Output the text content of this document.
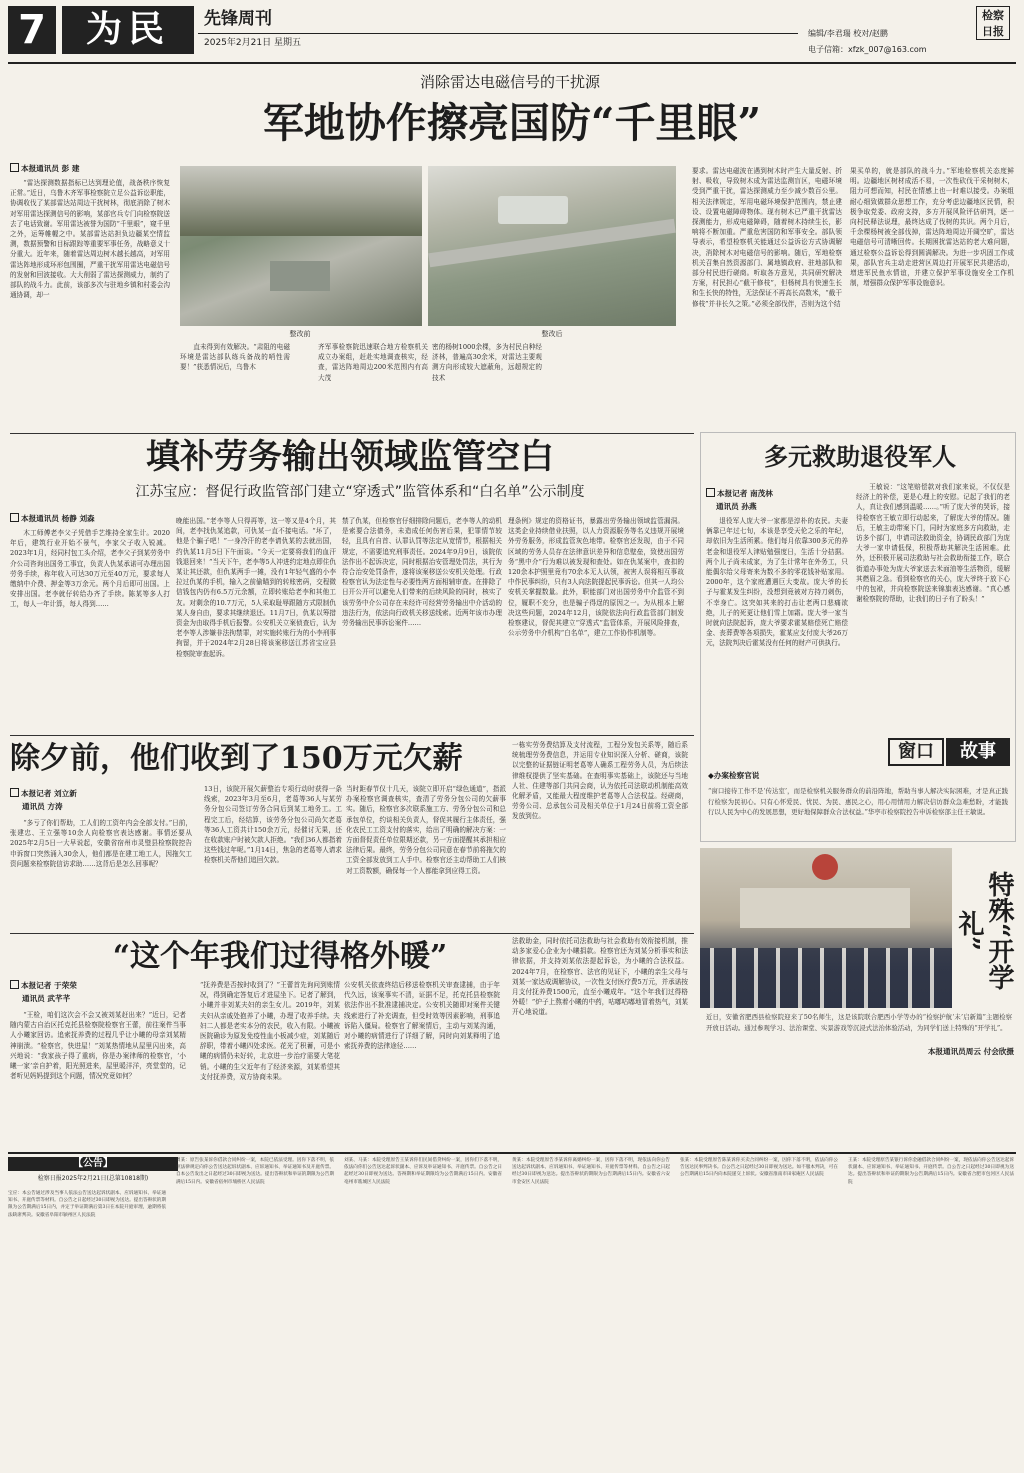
7	为民	先锋周刊
2025年2月21日 星期五
编辑/李君瑞 校对/赵鹏
电子信箱：xfzk_007@163.com
检察日报
消除雷达电磁信号的干扰源
军地协作擦亮国防“千里眼”
本报通讯员 彭 建
“雷达探测数据指标已达到理论值，战备秩序恢复正常。”近日，乌鲁木齐军事检察院立足公益诉讼职能，协调收伐了某部雷达站周边干扰树林，彻底消除了树木对军用雷达探测信号的影响，某部官兵专门向检察院送去了电话致谢。军用雷达被誉为国防“千里眼”，窥千里之外，运筹帷幄之中。某部雷达站担负边疆某空情监测，数据预警和目标跟踪等重要军事任务，战略意义十分重大。近年来，随着雷达周边树木越长越高，对军用雷达阵地形成环形包围圈，严重干扰军用雷达电磁信号的发射和回波接收。大大削弱了雷达探测威力，制约了部队的战斗力。此前，该部多次与驻地乡镇和村委会沟通协调，却一
整改前	整改后
直未得到有效解决。“肃阻的电磁环境是雷达部队练兵备战的哨性需要！”获悉情况后，乌鲁木
齐军事检察院迅速联合地方检察机关成立办案组，赶赴实地调查核实，经查，雷达阵地周边200米范围内有高大茂
密的杨树1000余棵，多为村民自种经济林，普遍高30余米，对雷达主要观测方向形成较大遮蔽角，远超规定的技术
要求。雷达电磁波在遇到树木时产生大量反射、折射、吸收，导致树木成为雷达监测盲区，电磁环境受到严重干扰，雷达探测威力至少减少数百公里。相关法律规定，军用电磁环境保护范围内，禁止建设、设置电磁障碍物体。现有树木已严重干扰雷达探测能力，形成电磁障碍，随着树木持续生长，影响将不断加重。严重危害国防和军事安全。部队领导表示，希望检察机关能通过公益诉讼方式协调解决，消除树木对电磁信号的影响。随后，军地检察机关召集自然资源部门、属地镇政府、驻地部队和部分村民进行磋商。听取各方意见，共同研究解决方案，村民担心“截干修枝”，但杨树具有快速生长和生长快的特性，无法保证不再高长高数米，“截干修枝”并非长久之策。”必须全部伐伴，否则为这个结
果买单的，就是部队的战斗力。”军地检察机关态度鲜明。边疆地区树材成活不易，一次性砍伐干采树树木，阻力可想而知，村民在情感上也一时难以接受。办案组耐心细致做群众思想工作，充分考虑边疆地区民情，积极争取党委、政府支持，多方开展风险评估研判，逐一向村民释法说理，最终达成了伐树的共识。两个月后，千余棵杨树被全部伐掉，雷达阵地周边开阔空旷，雷达电磁信号可清晰回传。长期困扰雷达站的老大难问题，通过检察公益诉讼得到圆满解决。为进一步巩固工作成果，部队官兵主动走进营区周边打开展军民共建活动，增进军民鱼水情谊，并建立保护军事设施安全工作机制，增强群众保护军事设施意识。
填补劳务输出领域监管空白
江苏宝应：督促行政监管部门建立“穿透式”监管体系和“白名单”公示制度
本报通讯员 杨静 刘森
木工师傅老李父子凭借手艺维持全家生计。2020年后，建筑行业开始不景气，李家父子收入锐减。2023年1月，经同村包工头介绍，老李父子到某劳务中介公司咨询出国务工事宜，负责人仇某承诺可办理出国劳务手续，称年收入可达30万元至40万元，要求每人缴纳中介费、押金等3万余元。两个月后即可出国。上安排出国。老李就仔转给办齐了手续。陈某等多人打工，每人一年计算，每人得到……
晚能出国。”老李等人只得再等，这一等又是4个月，其间，老李找仇某追款，可仇某一直不接电话。“坏了，他是个骗子吧！”一身冷汗的老李请仇某的去就出国，约仇某11月5日下午面谈。“今天一定要将我们的血汗钱退回来！”当天下午，老李等5人冲进约定地点即住仇某让其还款，但仇某两手一摊，没有1年轻气盛的小李拉过仇某的手机，输入之前偷瞄到的转账密码，交程微信钱包内仍有6.5万元余额，立即转账给老李和其他工友。对剩余的10.7万元，5人采取耻辱跟随方式限制仇某人身自由，要求其继续退还。11月7日，仇某以筹措资金为由取得手机后报警。公安机关立案侦查后，认为老李等人涉嫌非法拘禁罪，对实施转账行为的小李刑事拘留，并于2024年2月28日将该案移送江苏省宝应县检察院审查起诉。
禁了仇某，但检察官仔细排除问题后，老李等人的动机是索要合法债务，未造成任何伤害后果，犯罪情节较轻，且具有自首、认罪认罚等法定从宽情节，根据相关规定，不需要追究刑事责任。2024年9月9日，该院依法作出不起诉决定，同时根据治安管理处罚法，其行为符合治安处罚条件，遂将该案移送公安机关处理。行政检察官认为法定性与必要性两方面相辅审查。在排除了日开公开可以避免人们带来的后续风险的同时，核实了该劳务中介公司存在未经许可经营劳务输出中介活动的违法行为，依法向行政机关移送线索。近两年该市办理劳务输出民事诉讼案件……
理条例》规定的资格证书，暴露出劳务输出领域监管漏洞。这类企业持续借业扶照，以人力资源服务等名义违规开展境外劳务服务，形成监管灰色地带。检察官还发现，由于不同区域的劳务人员存在法律意识差异和信息壁垒，致使出国劳务“黑中介”行为难以被发现和查处。如在仇某案中，查扣的120余本护照里竟有70余本无人认领，被害人误将相互事故中作民事纠纷，只有3人向法院提起民事诉讼。但其一人均公安机关掌握数量。此外，职能部门对出国劳务中介监管不到位，履职不充分，也是骗子得逞的原因之一。为从根本上解决这些问题，2024年12月，该院依法向行政监管部门制发检察建议，督促其建立“穿透式”监管体系，开展风险排查，公示劳务中介机构“白名单”，建立工作协作机制等。
多元救助退役军人
本报记者 南茂林
通讯员 孙燕
退役军人庞大爷一家都是淳朴的农民。夫妻俩靠已年过七旬，本该是享受天伦之乐的年纪，却依旧为生活所累。他们每月依靠300多元的养老金和退役军人津贴勉强度日，生活十分拮据。两个儿子尚未成家，为了生计常年在外务工，只能偶尔给父母寄来为数不多的零花钱补贴家用。2000年，这个家庭遭遇巨大变故。庞大爷的长子与霍某发生纠纷，没想到竟被对方持刀刺伤，不幸身亡。这突如其来的打击让老两口悲痛欲绝，儿子的死更让他们雪上加霜。庞大爷一家当时就向法院起诉，庞大爷要求霍某赔偿死亡赔偿金、丧葬费等各项损失，霍某应支付庞大爷26万元，法院判决后霍某没有任何的财产可供执行。
王敏说：“这笔赔偿款对我们家来说，不仅仅是经济上的补偿，更是心理上的安慰。记起了我们的老人，真让我们感到温暖……。”听了庞大爷的哭诉，接待检察官王敏立即行动起来，了解庞大爷的情况。随后，王敏主动带案下门，同时为家庭多方向救助，走访多个部门，申请司法救助资金，协调民政部门为庞大爷一家申请低保，积极帮助其解决生活困难。此外，还积极开展司法救助与社会救助衔接工作，联合街道办事处为庞大爷家送去米面油等生活物资，缓解其燃眉之急。看到检察官的关心，庞大爷终于放下心中的包袱，并向检察院送来锦旗表达感谢。“真心感谢检察院的帮助，让我们的日子有了盼头！”
窗口	故事
◆办案检察官说
“窗口接待工作不是‘传达室’，而是检察机关服务群众的前沿阵地，帮助当事人解决实际困难，才是真正践行检察为民初心。只有心怀爱民、忧民、为民、惠民之心，用心用情用力解决信访群众急难愁盼，才能践行以人民为中心的发展思想，更好地保障群众合法权益。”华亭市检察院控告申诉检察部主任王敏说。
除夕前，他们收到了150万元欠薪
本报记者 刘立新
通讯员 方涛
“多亏了你们帮助，工人们的工资年内会全部支付。”日前，张建忠、王立强等10余人向检察官表达感谢。事情还要从2025年2月5日一大早说起，安徽省宿州市灵璧县检察院控告申诉窗口突然涌入30余人，他们都是在建工地工人，因拖欠工资问题来检察院信访求助……这背后是怎么回事呢？
13日，该院开展欠薪整治专项行动时获得一条线索，2023年3月至6月，老葛等36人与某劳务分包公司签订劳务合同后到某工地务工。工程完工后，经结算，该劳务分包公司尚欠老葛等36人工资共计150余万元，经催讨无果，还在收款账户时被欠款人拒绝。“我们36人都指着这些钱过年呢。”1月14日，焦急的老葛等人请求检察机关帮他们追回欠款。
当时距春节仅十几天，该院立即开启“绿色通道”，指派办案检察官调查核实，查清了劳务分包公司的欠薪事实。随后，检察官多次联系施工方、劳务分包公司和总承包单位，约谈相关负责人，督促其履行主体责任，强化农民工工资支付的落实，给出了明确的解决方案：一方面督促责任单位限期还款，另一方面提醒其承担相应法律后果。最终，劳务分包公司同意在春节前将拖欠的工资全部发放到工人手中。检察官还主动帮助工人们核对工资数额，确保每一个人都能拿到应得工资。
一栋实劳务费结算及支付流程，工程分发包关系等，随后系统梳理劳务费信息，并运用专业知识深入分析、磋商，该院以完整的证据链证明老葛等人确系工程劳务人员，为后续法律维权提供了坚实基础。在查明事实基础上，该院还与当地人社、住建等部门共同会商，认为依托司法联动机制能高效化解矛盾，又能最大程度维护老葛等人合法权益。经磋商，劳务公司、总承包公司及相关单位于1月24日前将工资全部发放到位。
“这个年我们过得格外暖”
本报记者 于荣荣
通讯员 武芊芊
“王检，咱们这次会不会又被刘某赶出来？”近日，记者随内蒙古自治区托克托县检察院检察官王蕾，前往案件当事人小曦家回访。追索抚养费的过程几乎让小曦的母亲刘某精神崩溃。“检察官，快进屋！”刘某热情地从屋里闪出来，高兴地说：“我家孩子得了重病，你是办案律师的检察官，‘小曦一家’亲自护着，阳光照进来，屋里暖洋洋，亮堂堂的，记者听见妈妈提到这个问题，情况究竟如何？
“抚养费是否按时收到了？”王蕾首先询问到账情况，得到确定答复后才进屋坐下。记者了解到，小曦并非刘某夫妇的亲生女儿。2019年，刘某夫妇从亲戚处抱养了小曦，办理了收养手续。夫妇二人都是老实本分的农民，收入有限。小曦被医院确诊为原发免疫性血小板减少症，刘某随后辞职，带着小曦四处求医。花光了积蓄，可是小曦的病情仍未好转，北京进一步治疗需要大笔花销。小曦的生父近年有了经济来源，刘某希望其支付抚养费，双方协商未果。
公安机关依查终结后移送检察机关审查逮捕，由于年代久远，该案事实不清，证据不足，托克托县检察院依法作出不批准逮捕决定。公安机关随即对案件关键线索进行了补充调查，但受时效等因素影响，刑事追诉陷入僵局。检察官了解案情后，主动与刘某沟通，对小曦的病情进行了详细了解，同时向刘某释明了追索抚养费的法律途径……
法救助金，同时依托司法救助与社会救助有效衔接机制，推动多家爱心企业为小曦捐款。检察官还为刘某分析事实和法律依据，并支持刘某依法提起诉讼，为小曦的合法权益。2024年7月，在检察官、法官的见证下，小曦的亲生父母与刘某一家达成调解协议，一次性支付医疗费5万元，并承诺按月支付抚养费1500元，直至小曦成年。“这个年我们过得格外暖！”炉子上熬着小曦的中药，咕嘟咕嘟地冒着热气，刘某开心地说道。
特殊“开学礼”
近日，安徽省肥西县检察院迎来了50名师生，这是该院联合肥西小学等办的“检察护航‘未’启新篇”主题检察开放日活动。通过参观学习、法治课堂、实景游戏等沉浸式法治体验活动，为同学们送上特殊的“开学礼”。
本报通讯员周云 付会欣摄
【公告】
检察日报2025年2月21日(总第10818期)
宝应：本公告通过涉及当事人依法公告送达起诉状副本、应诉通知书、举证通知书、开庭传票等材料。自公告之日起经过30日即视为送达。提出答辩状的期限为公告期满后15日内，并定于举证期满后第3日在本院开庭审理，逾期将依法缺席判决。安徽省阜阳市颍州区人民法院
周某：原告张某诉你借款合同纠纷一案，本院已依法受理。因你下落不明，依照法律规定向你公告送达起诉状副本、应诉通知书、举证通知书及开庭传票。自本公告发出之日起经过30日即视为送达。提出答辩状和举证的期限为公告期满后15日内。安徽省宿州市埇桥区人民法院
刘某、马某：本院受理原告王某诉你们民间借贷纠纷一案，因你们下落不明，依法向你们公告送达起诉状副本、应诉及举证通知书、开庭传票。自公告之日起经过30日即视为送达。答辩期和举证期限均为公告期满后15日内。安徽省亳州市谯城区人民法院
黄某：本院受理原告李某诉你离婚纠纷一案，因你下落不明，现依法向你公告送达起诉状副本、应诉通知书、举证通知书、开庭传票等材料。自公告之日起经过30日即视为送达。提出答辩状的期限为公告期满后15日内。安徽省六安市金安区人民法院
张某：本院受理原告陈某诉你买卖合同纠纷一案，因你下落不明，依法向你公告送达民事判决书。自公告之日起经过30日即视为送达。如不服本判决，可在公告期满后15日内向本院递交上诉状。安徽省淮南市田家庵区人民法院
王某：本院受理原告某银行诉你金融借款合同纠纷一案，现依法向你公告送达起诉状副本、应诉通知书、举证通知书、开庭传票。自公告之日起经过30日即视为送达。提出答辩状和举证的期限为公告期满后15日内。安徽省合肥市包河区人民法院
